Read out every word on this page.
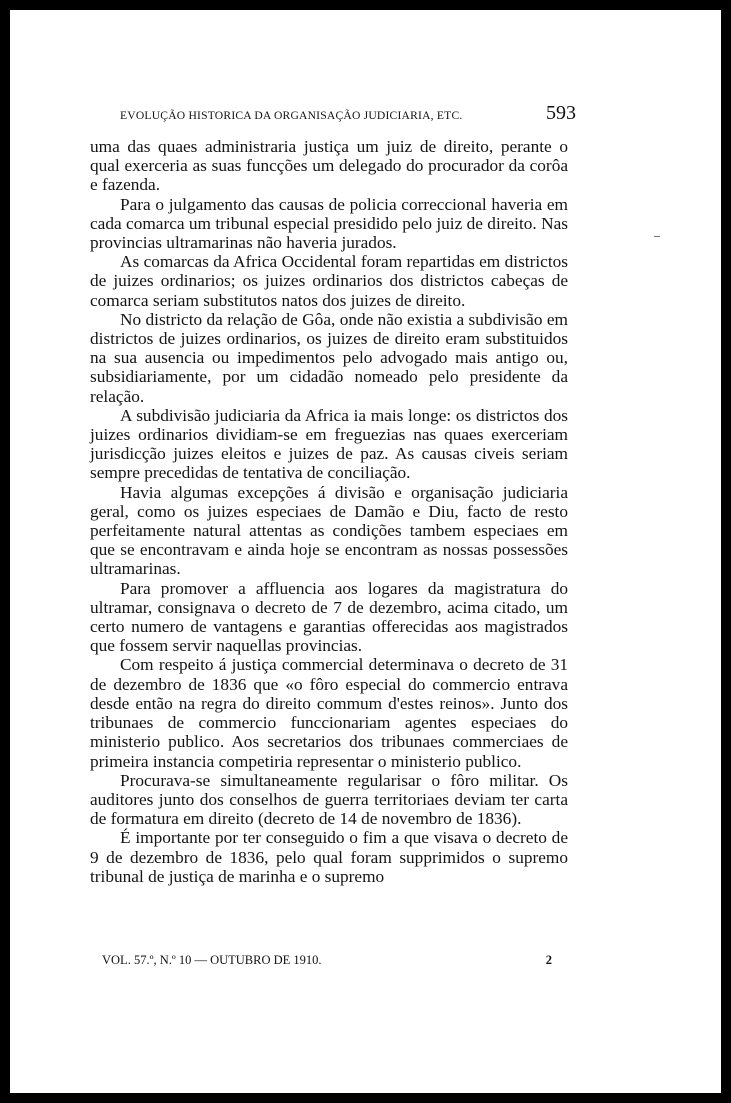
EVOLUÇÃO HISTORICA DA ORGANISAÇÃO JUDICIARIA, ETC.	593

uma das quaes administraria justiça um juiz de direito, perante o qual exerceria as suas funcções um delegado do procurador da corôa e fazenda.

Para o julgamento das causas de policia correccional haveria em cada comarca um tribunal especial presidido pelo juiz de direito. Nas provincias ultramarinas não haveria jurados.

As comarcas da Africa Occidental foram repartidas em districtos de juizes ordinarios; os juizes ordinarios dos districtos cabeças de comarca seriam substitutos natos dos juizes de direito.

No districto da relação de Gôa, onde não existia a subdivisão em districtos de juizes ordinarios, os juizes de direito eram substituidos na sua ausencia ou impedimentos pelo advogado mais antigo ou, subsidiariamente, por um cidadão nomeado pelo presidente da relação.

A subdivisão judiciaria da Africa ia mais longe: os districtos dos juizes ordinarios dividiam-se em freguezias nas quaes exerceriam jurisdicção juizes eleitos e juizes de paz. As causas civeis seriam sempre precedidas de tentativa de conciliação.

Havia algumas excepções á divisão e organisação judiciaria geral, como os juizes especiaes de Damão e Diu, facto de resto perfeitamente natural attentas as condições tambem especiaes em que se encontravam e ainda hoje se encontram as nossas possessões ultramarinas.

Para promover a affluencia aos logares da magistratura do ultramar, consignava o decreto de 7 de dezembro, acima citado, um certo numero de vantagens e garantias offerecidas aos magistrados que fossem servir naquellas provincias.

Com respeito á justiça commercial determinava o decreto de 31 de dezembro de 1836 que «o fôro especial do commercio entrava desde então na regra do direito commum d'estes reinos». Junto dos tribunaes de commercio funccionariam agentes especiaes do ministerio publico. Aos secretarios dos tribunaes commerciaes de primeira instancia competiria representar o ministerio publico.

Procurava-se simultaneamente regularisar o fôro militar. Os auditores junto dos conselhos de guerra territoriaes deviam ter carta de formatura em direito (decreto de 14 de novembro de 1836).

É importante por ter conseguido o fim a que visava o decreto de 9 de dezembro de 1836, pelo qual foram supprimidos o supremo tribunal de justiça de marinha e o supremo

VOL. 57.º, N.º 10 — OUTUBRO DE 1910.	2
